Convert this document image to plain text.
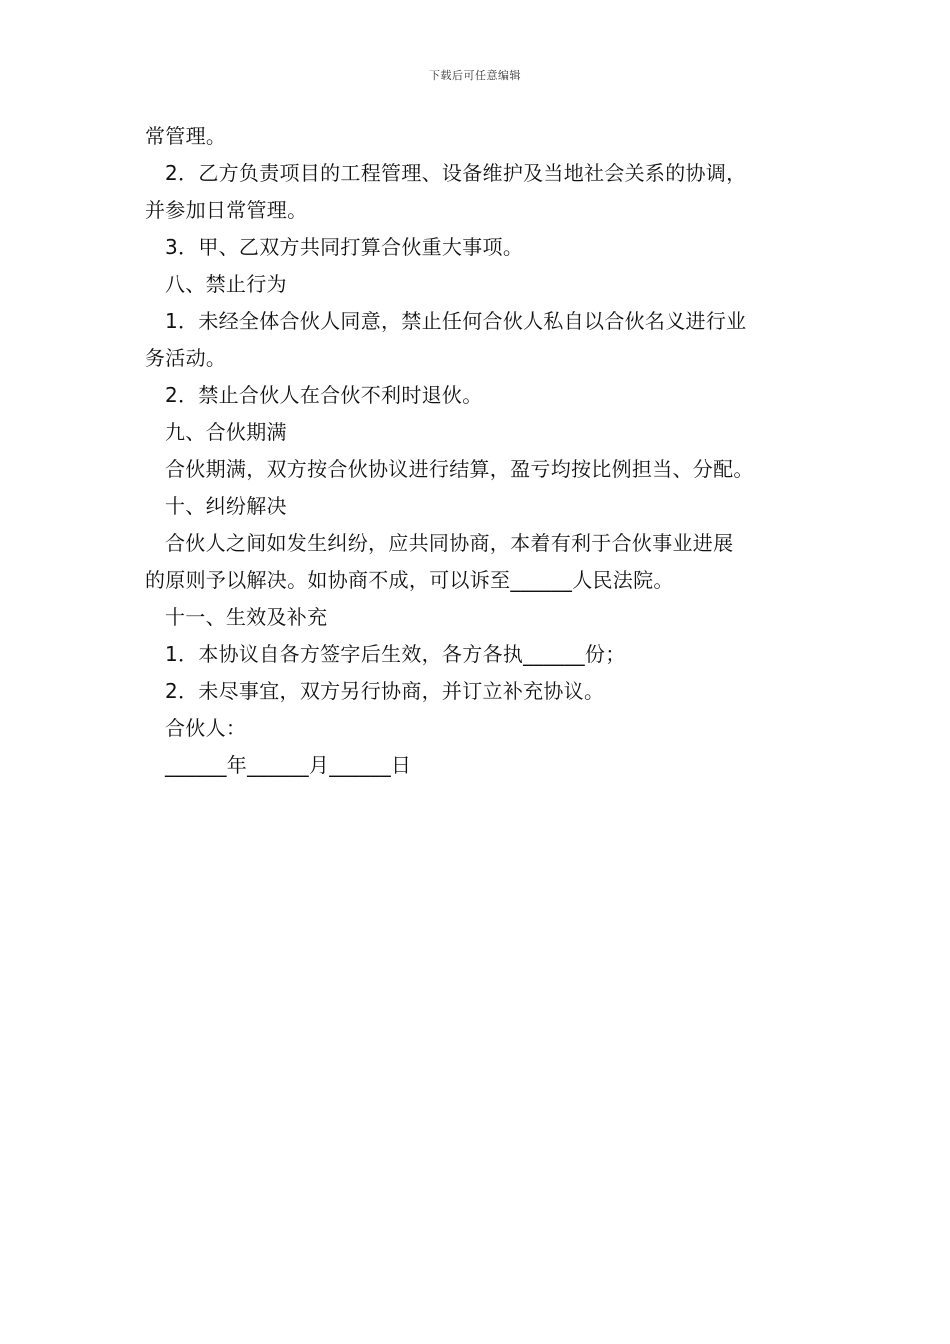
下载后可任意编辑
常管理。
2．乙方负责项目的工程管理、设备维护及当地社会关系的协调，
并参加日常管理。
3．甲、乙双方共同打算合伙重大事项。
八、禁止行为
1．未经全体合伙人同意，禁止任何合伙人私自以合伙名义进行业
务活动。
2．禁止合伙人在合伙不利时退伙。
九、合伙期满
合伙期满，双方按合伙协议进行结算，盈亏均按比例担当、分配。
十、纠纷解决
合伙人之间如发生纠纷，应共同协商，本着有利于合伙事业进展
的原则予以解决。如协商不成，可以诉至______人民法院。
十一、生效及补充
1．本协议自各方签字后生效，各方各执______份；
2．未尽事宜，双方另行协商，并订立补充协议。
合伙人：
______年______月______日
